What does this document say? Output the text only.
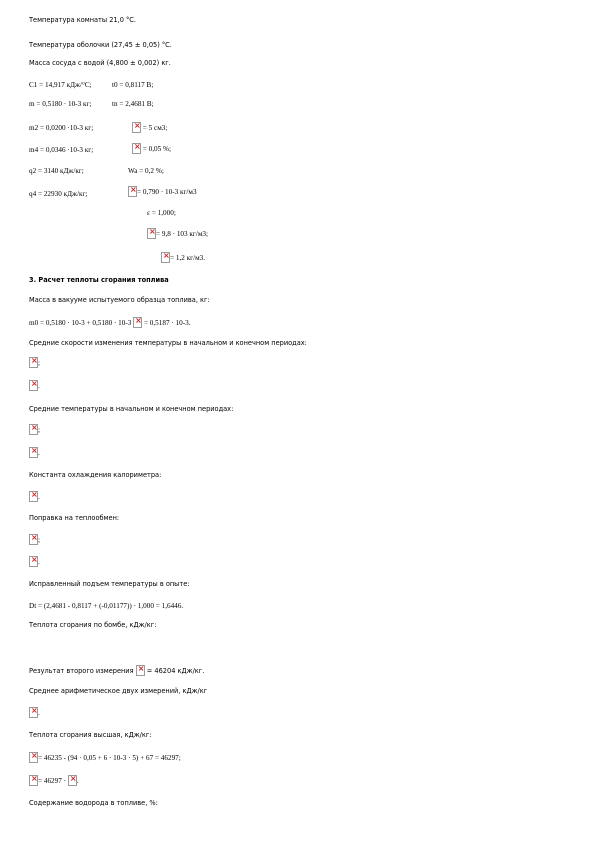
Температура комнаты 21,0 °С.
Температура оболочки (27,45 ± 0,05) °С.
Масса сосуда с водой (4,800 ± 0,002) кг.
C1 = 14,917 кДж/°С;	t0 = 0,8117 В;
m = 0,5180 · 10-3 кг;	tn = 2,4681 В;
m2 = 0,0200 ·10-3 кг; ×	= 5 см3;
m4 = 0,0346 ·10-3 кг; ×	= 0,05 %;
q2 = 3140 кДж/кг;	Wa = 0,2 %;
q4 = 22930 кДж/кг; ×	= 0,790 · 10-3 кг/м3
ε = 1,000;
×= 9,8 · 103 кг/м3;
×= 1,2 кг/м3.
3. Расчет теплоты сгорания топлива
Масса в вакууме испытуемого образца топлива, кг:
m0 = 0,5180 · 10-3 + 0,5180 · 10-3 × = 0,5187 · 10-3.
Средние скорости изменения температуры в начальном и конечном периодах:
×;
×.
Средние температуры в начальном и конечном периодах:
×;
×.
Константа охлаждения калориметра:
×.
Поправка на теплообмен:
×;
×.
Исправленный подъем температуры в опыте:
Dt = (2,4681 - 0,8117 + (-0,01177)) · 1,000 = 1,6446.
Теплота сгорания по бомбе, кДж/кг:
Результат второго измерения × = 46204 кДж/кг.
Среднее арифметическое двух измерений, кДж/кг
×.
Теплота сгорания высшая, кДж/кг:
×= 46235 - (94 · 0,05 + 6 · 10-3 · 5) + 67 = 46297;
×= 46297 · × .
Содержание водорода в топливе, %:
